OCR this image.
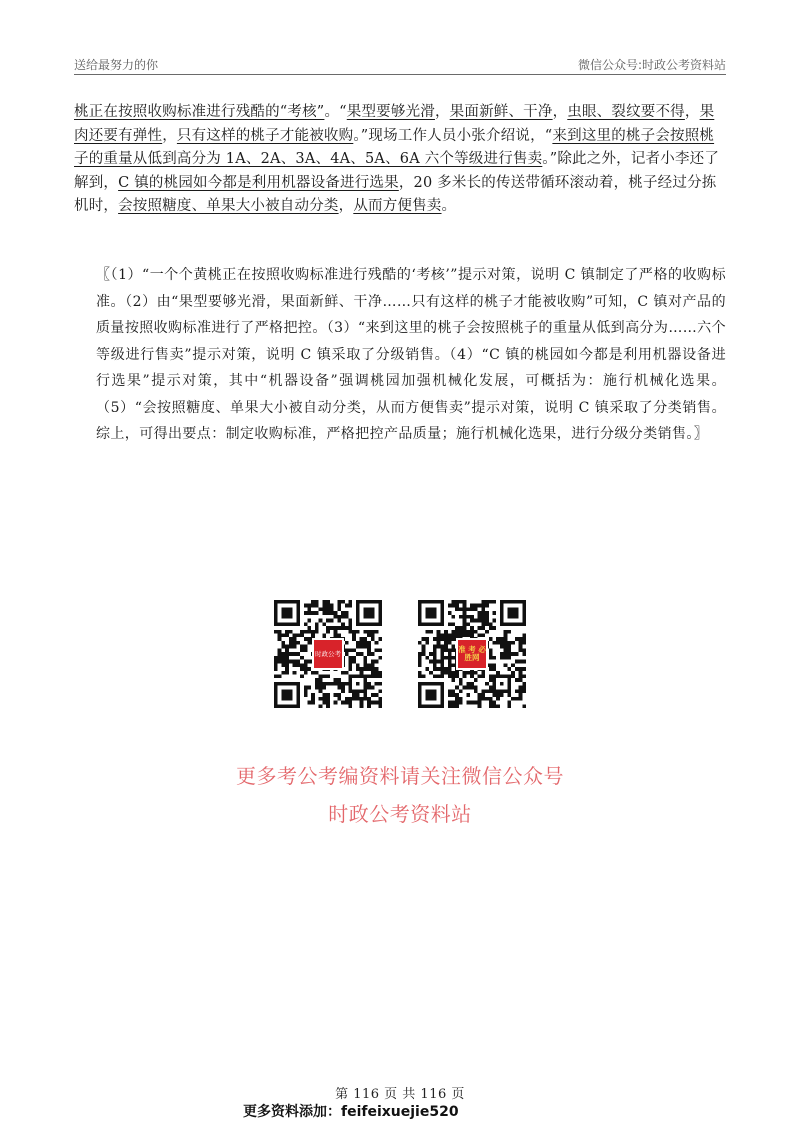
送给最努力的你	微信公众号:时政公考资料站
桃正在按照收购标准进行残酷的“考核”。“果型要够光滑，果面新鲜、干净，虫眼、裂纹要不得，果肉还要有弹性，只有这样的桃子才能被收购。”现场工作人员小张介绍说，“来到这里的桃子会按照桃子的重量从低到高分为 1A、2A、3A、4A、5A、6A 六个等级进行售卖。”除此之外，记者小李还了解到，C 镇的桃园如今都是利用机器设备进行选果，20 多米长的传送带循环滚动着，桃子经过分拣机时，会按照糖度、单果大小被自动分类，从而方便售卖。
〖（1）“一个个黄桃正在按照收购标准进行残酷的‘考核’”提示对策，说明 C 镇制定了严格的收购标准。（2）由“果型要够光滑，果面新鲜、干净……只有这样的桃子才能被收购”可知，C 镇对产品的质量按照收购标准进行了严格把控。（3）“来到这里的桃子会按照桃子的重量从低到高分为……六个等级进行售卖”提示对策，说明 C 镇采取了分级销售。（4）“C 镇的桃园如今都是利用机器设备进行选果”提示对策，其中“机器设备”强调桃园加强机械化发展，可概括为：施行机械化选果。（5）“会按照糖度、单果大小被自动分类，从而方便售卖”提示对策，说明 C 镇采取了分类销售。综上，可得出要点：制定收购标准，严格把控产品质量；施行机械化选果，进行分级分类销售。〗
时政公考	准 考 必胜网
更多考公考编资料请关注微信公众号
时政公考资料站
第 116 页 共 116 页
更多资料添加：feifeixuejie520
